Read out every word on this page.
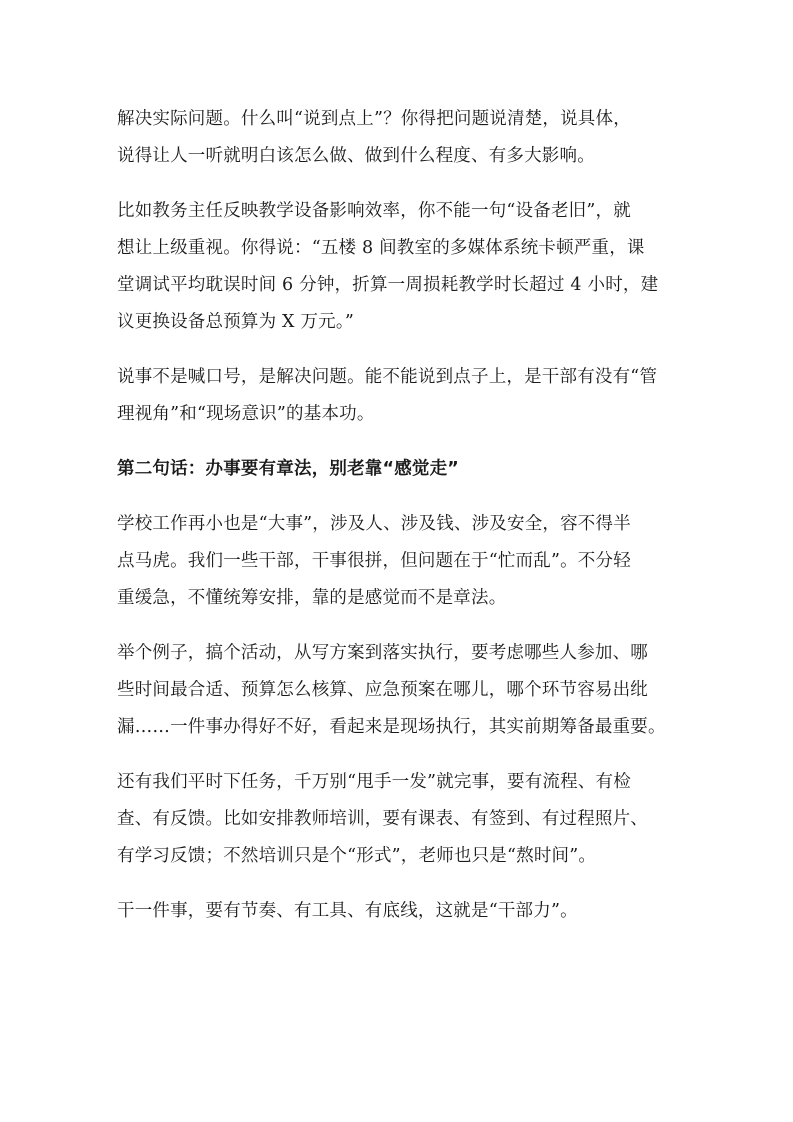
解决实际问题。什么叫“说到点上”？你得把问题说清楚，说具体，
说得让人一听就明白该怎么做、做到什么程度、有多大影响。
比如教务主任反映教学设备影响效率，你不能一句“设备老旧”，就
想让上级重视。你得说：“五楼 8 间教室的多媒体系统卡顿严重，课
堂调试平均耽误时间 6 分钟，折算一周损耗教学时长超过 4 小时，建
议更换设备总预算为 X 万元。”
说事不是喊口号，是解决问题。能不能说到点子上，是干部有没有“管
理视角”和“现场意识”的基本功。
第二句话：办事要有章法，别老靠“感觉走”
学校工作再小也是“大事”，涉及人、涉及钱、涉及安全，容不得半
点马虎。我们一些干部，干事很拼，但问题在于“忙而乱”。不分轻
重缓急，不懂统筹安排，靠的是感觉而不是章法。
举个例子，搞个活动，从写方案到落实执行，要考虑哪些人参加、哪
些时间最合适、预算怎么核算、应急预案在哪儿，哪个环节容易出纰
漏……一件事办得好不好，看起来是现场执行，其实前期筹备最重要。
还有我们平时下任务，千万别“甩手一发”就完事，要有流程、有检
查、有反馈。比如安排教师培训，要有课表、有签到、有过程照片、
有学习反馈；不然培训只是个“形式”，老师也只是“熬时间”。
干一件事，要有节奏、有工具、有底线，这就是“干部力”。
